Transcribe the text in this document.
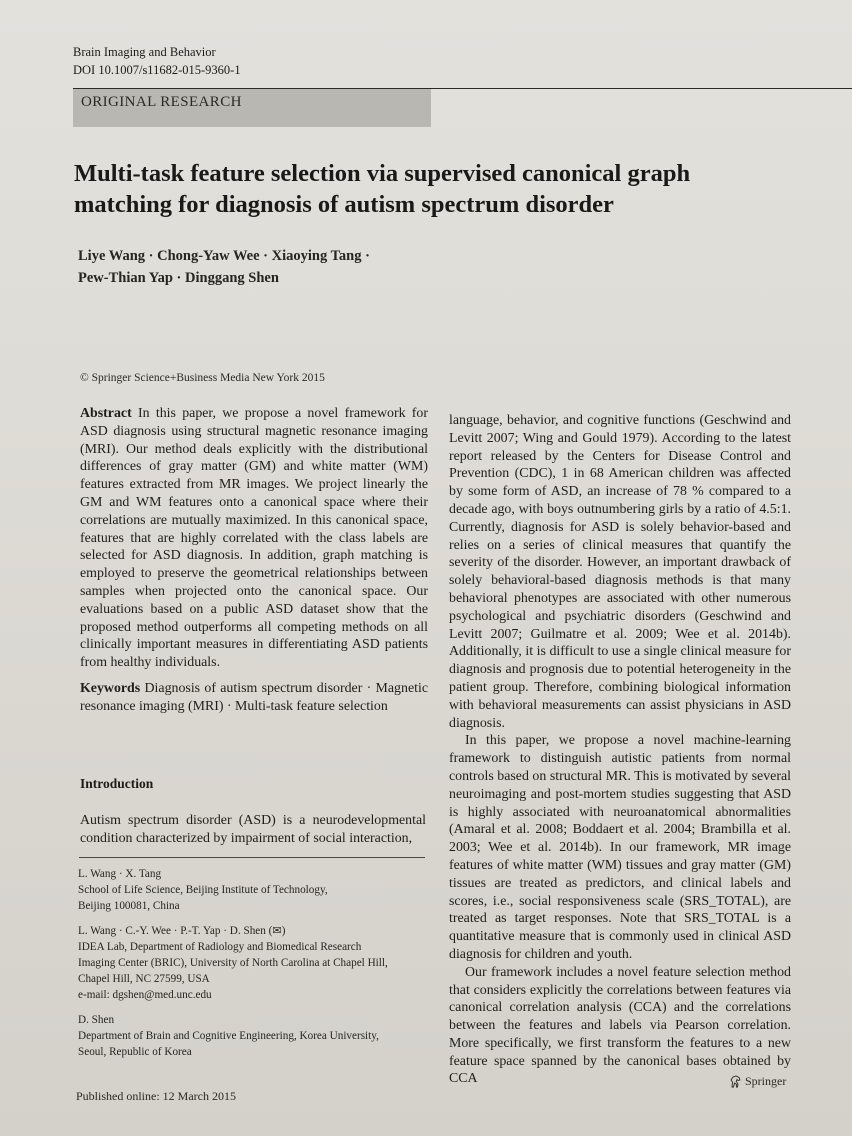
Brain Imaging and Behavior
DOI 10.1007/s11682-015-9360-1
ORIGINAL RESEARCH
Multi-task feature selection via supervised canonical graph
matching for diagnosis of autism spectrum disorder
Liye Wang · Chong-Yaw Wee · Xiaoying Tang ·
Pew-Thian Yap · Dinggang Shen
© Springer Science+Business Media New York 2015
Abstract In this paper, we propose a novel framework for ASD diagnosis using structural magnetic resonance imaging (MRI). Our method deals explicitly with the distributional differences of gray matter (GM) and white matter (WM) features extracted from MR images. We project linearly the GM and WM features onto a canonical space where their correlations are mutually maximized. In this canonical space, features that are highly correlated with the class labels are selected for ASD diagnosis. In addition, graph matching is employed to preserve the geometrical relationships between samples when projected onto the canonical space. Our evaluations based on a public ASD dataset show that the proposed method outperforms all competing methods on all clinically important measures in differentiating ASD patients from healthy individuals.
Keywords Diagnosis of autism spectrum disorder · Magnetic resonance imaging (MRI) · Multi-task feature selection
Introduction
Autism spectrum disorder (ASD) is a neurodevelopmental condition characterized by impairment of social interaction,
L. Wang · X. Tang
School of Life Science, Beijing Institute of Technology,
Beijing 100081, China
L. Wang · C.-Y. Wee · P.-T. Yap · D. Shen (✉)
IDEA Lab, Department of Radiology and Biomedical Research
Imaging Center (BRIC), University of North Carolina at Chapel Hill,
Chapel Hill, NC 27599, USA
e-mail: dgshen@med.unc.edu
D. Shen
Department of Brain and Cognitive Engineering, Korea University,
Seoul, Republic of Korea

language, behavior, and cognitive functions (Geschwind and Levitt 2007; Wing and Gould 1979). According to the latest report released by the Centers for Disease Control and Prevention (CDC), 1 in 68 American children was affected by some form of ASD, an increase of 78 % compared to a decade ago, with boys outnumbering girls by a ratio of 4.5:1. Currently, diagnosis for ASD is solely behavior-based and relies on a series of clinical measures that quantify the severity of the disorder. However, an important drawback of solely behavioral-based diagnosis methods is that many behavioral phenotypes are associated with other numerous psychological and psychiatric disorders (Geschwind and Levitt 2007; Guilmatre et al. 2009; Wee et al. 2014b). Additionally, it is difficult to use a single clinical measure for diagnosis and prognosis due to potential heterogeneity in the patient group. Therefore, combining biological information with behavioral measurements can assist physicians in ASD diagnosis.

In this paper, we propose a novel machine-learning framework to distinguish autistic patients from normal controls based on structural MR. This is motivated by several neuroimaging and post-mortem studies suggesting that ASD is highly associated with neuroanatomical abnormalities (Amaral et al. 2008; Boddaert et al. 2004; Brambilla et al. 2003; Wee et al. 2014b). In our framework, MR image features of white matter (WM) tissues and gray matter (GM) tissues are treated as predictors, and clinical labels and scores, i.e., social responsiveness scale (SRS_TOTAL), are treated as target responses. Note that SRS_TOTAL is a quantitative measure that is commonly used in clinical ASD diagnosis for children and youth.

Our framework includes a novel feature selection method that considers explicitly the correlations between features via canonical correlation analysis (CCA) and the correlations between the features and labels via Pearson correlation. More specifically, we first transform the features to a new feature space spanned by the canonical bases obtained by CCA

Published online: 12 March 2015
Springer
